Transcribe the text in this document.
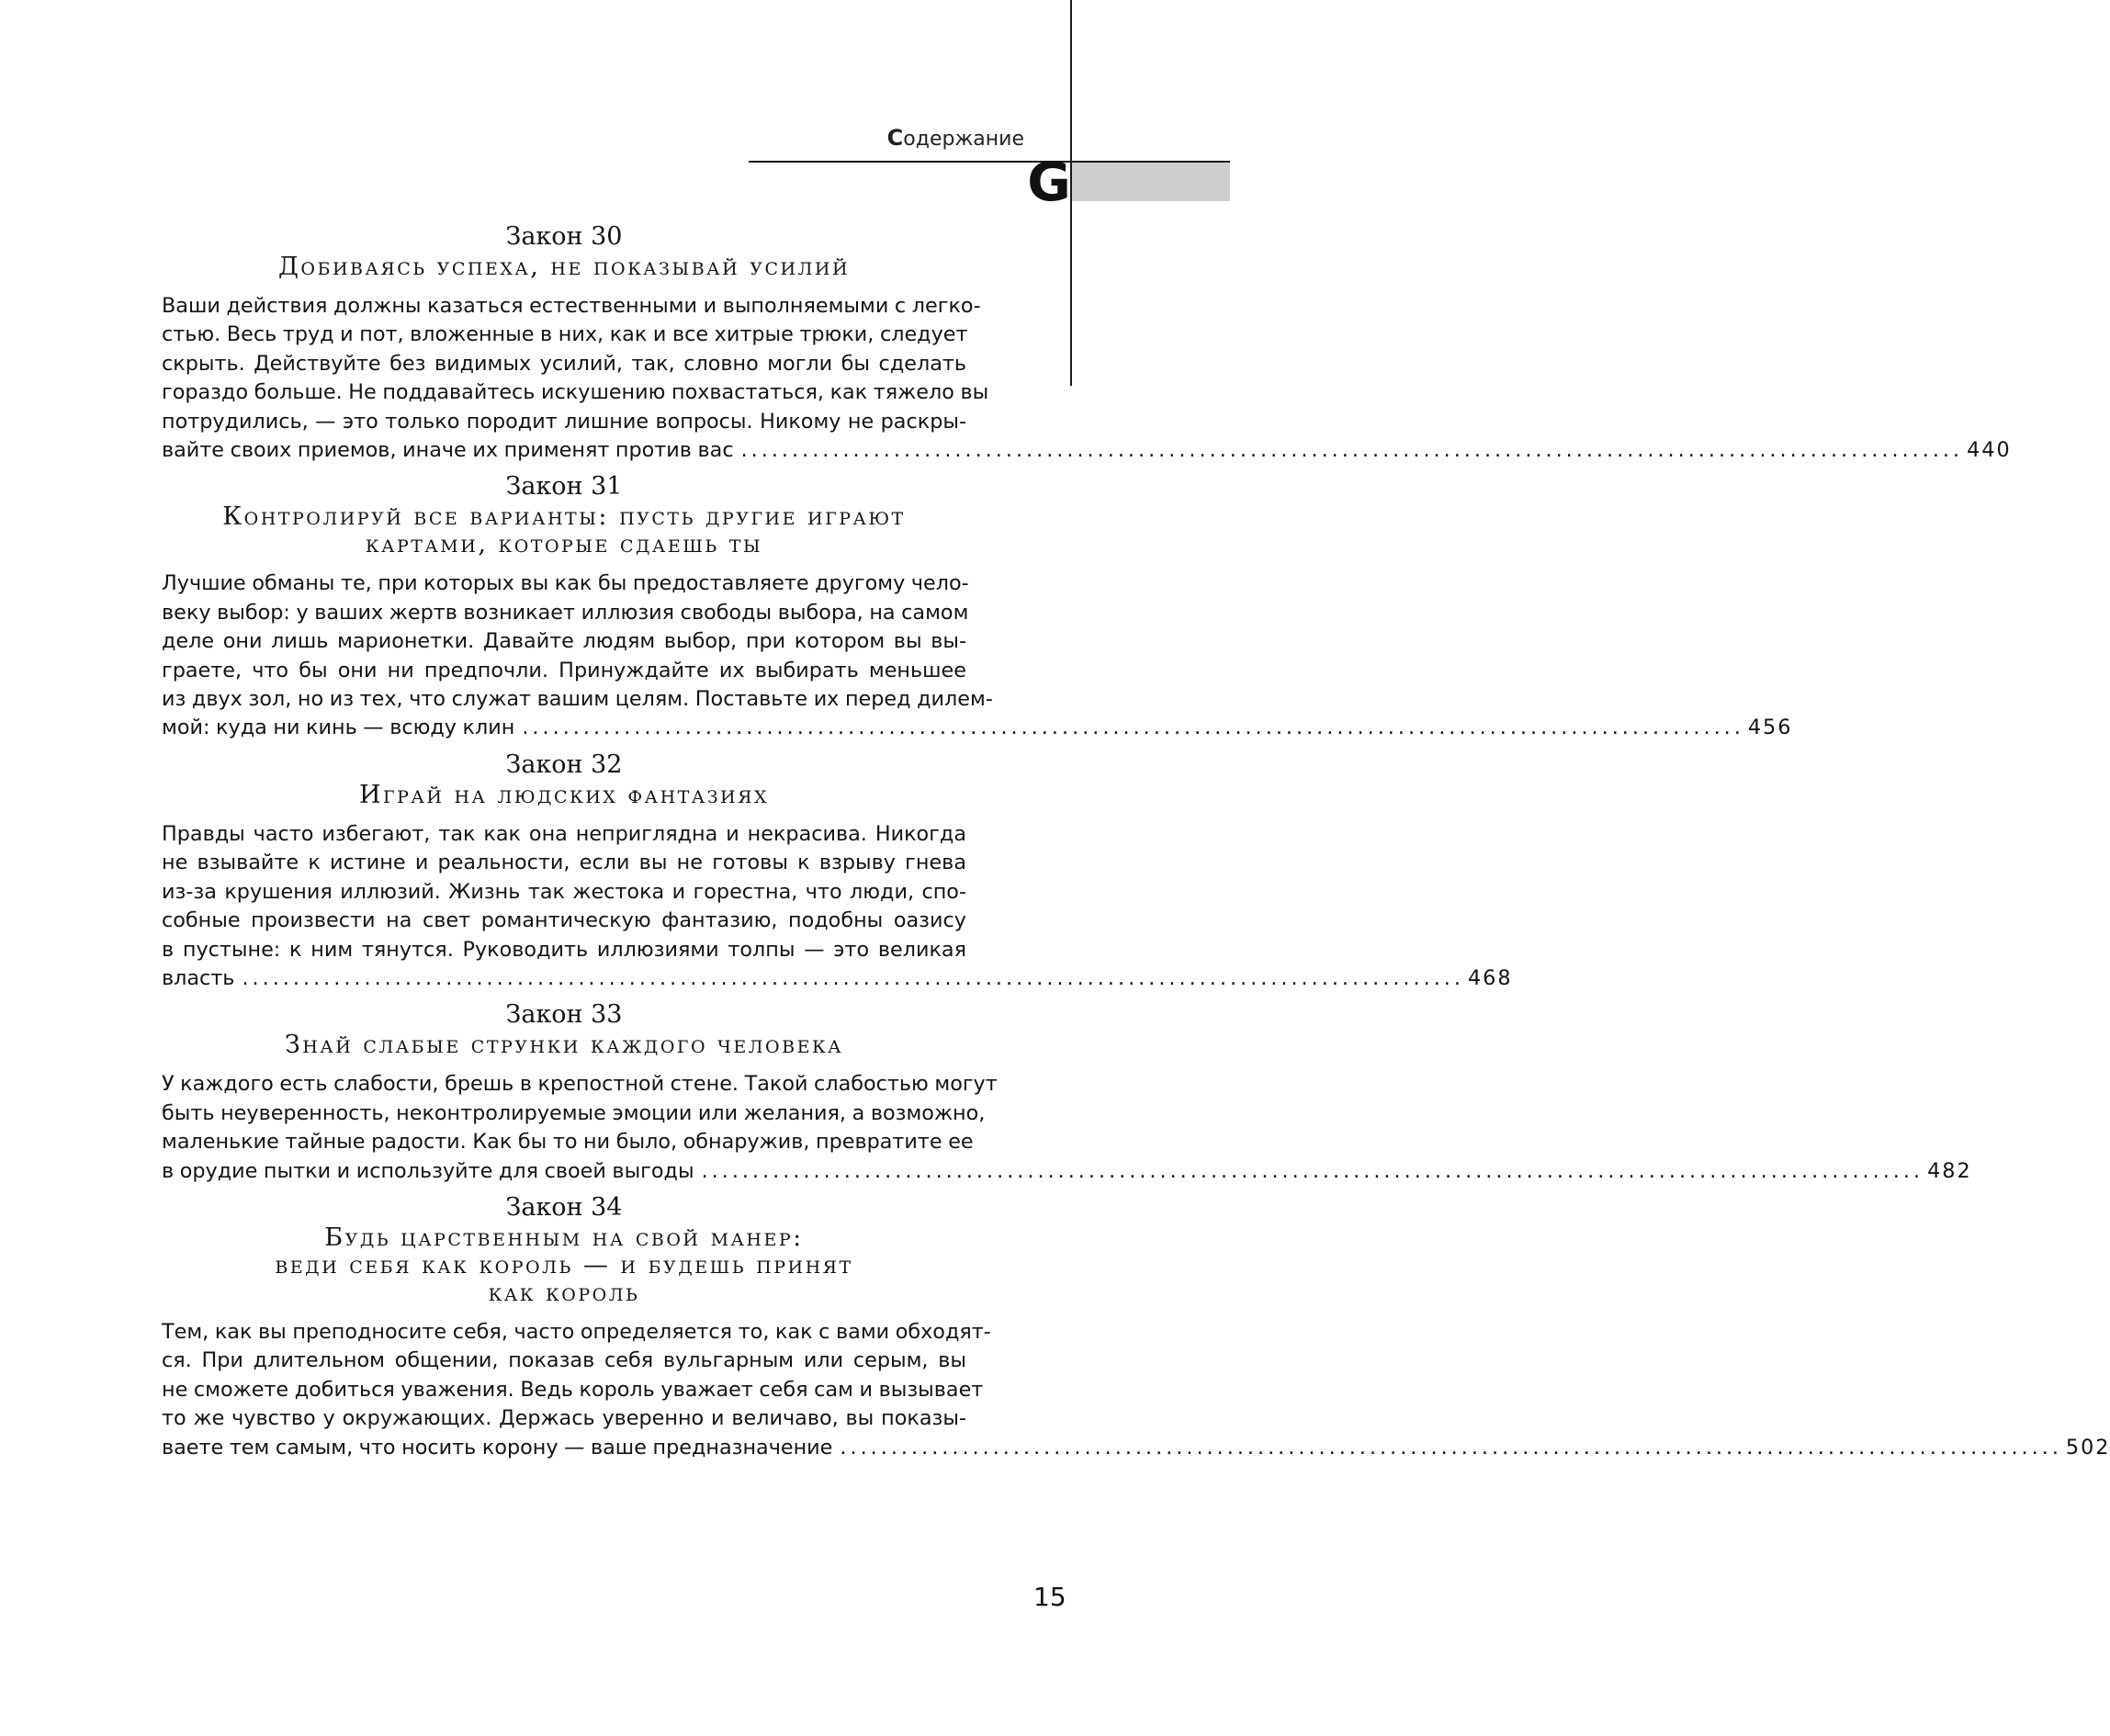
Содержание

G

Закон 30

Добиваясь успеха, не показывай усилий
Ваши действия должны казаться естественными и выполняемыми с легко-
стью. Весь труд и пот, вложенные в них, как и все хитрые трюки, следует
скрыть. Действуйте без видимых усилий, так, словно могли бы сделать
гораздо больше. Не поддавайтесь искушению похвастаться, как тяжело вы
потрудились, — это только породит лишние вопросы. Никому не раскры-
вайте своих приемов, иначе их применят против вас ........................................................................................................................ 440

Закон 31

Контролируй все варианты: пусть другие играют
картами, которые сдаешь ты
Лучшие обманы те, при которых вы как бы предоставляете другому чело-
веку выбор: у ваших жертв возникает иллюзия свободы выбора, на самом
деле они лишь марионетки. Давайте людям выбор, при котором вы вы-
граете, что бы они ни предпочли. Принуждайте их выбирать меньшее
из двух зол, но из тех, что служат вашим целям. Поставьте их перед дилем-
мой: куда ни кинь — всюду клин ........................................................................................................................ 456

Закон 32

Играй на людских фантазиях
Правды часто избегают, так как она неприглядна и некрасива. Никогда
не взывайте к истине и реальности, если вы не готовы к взрыву гнева
из-за крушения иллюзий. Жизнь так жестока и горестна, что люди, спо-
собные произвести на свет романтическую фантазию, подобны оазису
в пустыне: к ним тянутся. Руководить иллюзиями толпы — это великая
власть ........................................................................................................................ 468

Закон 33

Знай слабые струнки каждого человека
У каждого есть слабости, брешь в крепостной стене. Такой слабостью могут
быть неуверенность, неконтролируемые эмоции или желания, а возможно,
маленькие тайные радости. Как бы то ни было, обнаружив, превратите ее
в орудие пытки и используйте для своей выгоды ........................................................................................................................ 482

Закон 34

Будь царственным на свой манер:
веди себя как король — и будешь принят
как король
Тем, как вы преподносите себя, часто определяется то, как с вами обходят-
ся. При длительном общении, показав себя вульгарным или серым, вы
не сможете добиться уважения. Ведь король уважает себя сам и вызывает
то же чувство у окружающих. Держась уверенно и величаво, вы показы-
ваете тем самым, что носить корону — ваше предназначение ........................................................................................................................ 502

15
